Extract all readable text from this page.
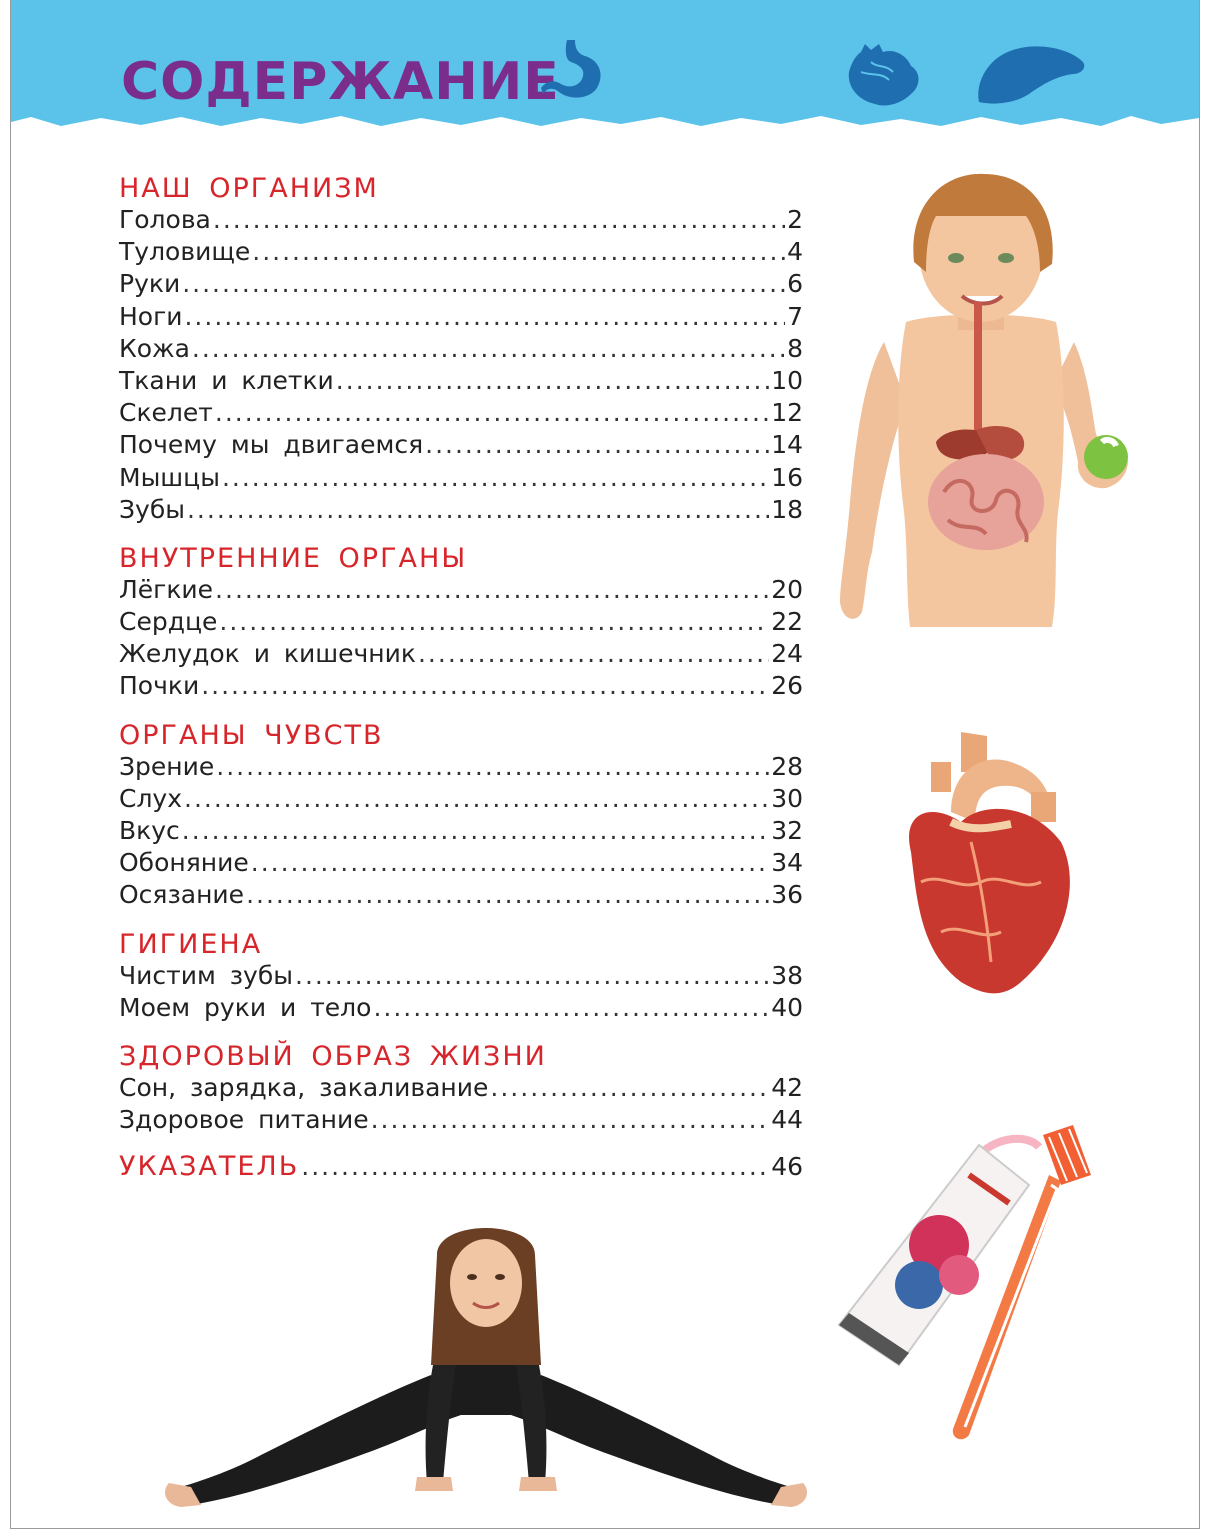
СОДЕРЖАНИЕ
НАШ ОРГАНИЗМ
Голова .....	2
Туловище .....	4
Руки .....	6
Ноги .....	7
Кожа .....	8
Ткани и клетки .....	10
Скелет .....	12
Почему мы двигаемся .....	14
Мышцы .....	16
Зубы .....	18
ВНУТРЕННИЕ ОРГАНЫ
Лёгкие .....	20
Сердце .....	22
Желудок и кишечник .....	24
Почки .....	26
ОРГАНЫ ЧУВСТВ
Зрение .....	28
Слух .....	30
Вкус .....	32
Обоняние .....	34
Осязание .....	36
ГИГИЕНА
Чистим зубы .....	38
Моем руки и тело .....	40
ЗДОРОВЫЙ ОБРАЗ ЖИЗНИ
Сон, зарядка, закаливание .....	42
Здоровое питание .....	44
УКАЗАТЕЛЬ .....	46
